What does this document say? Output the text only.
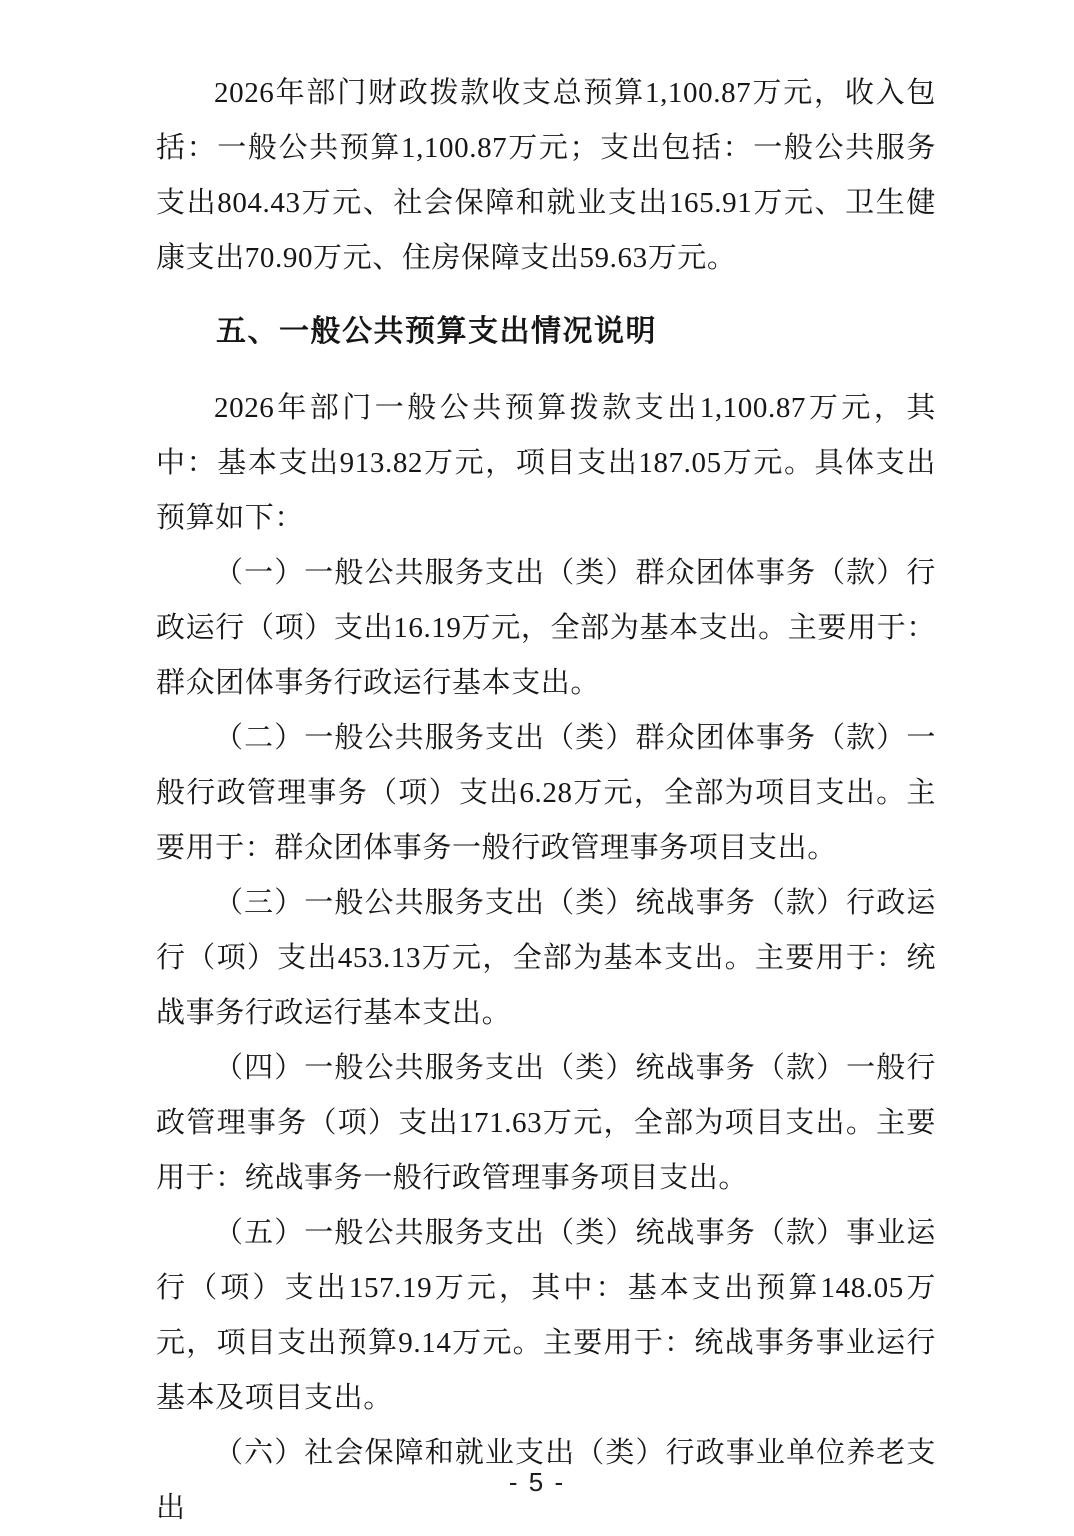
2026年部门财政拨款收支总预算1,100.87万元，收入包括：一般公共预算1,100.87万元；支出包括：一般公共服务支出804.43万元、社会保障和就业支出165.91万元、卫生健康支出70.90万元、住房保障支出59.63万元。

五、一般公共预算支出情况说明

2026年部门一般公共预算拨款支出1,100.87万元，其中：基本支出913.82万元，项目支出187.05万元。具体支出预算如下：

（一）一般公共服务支出（类）群众团体事务（款）行政运行（项）支出16.19万元，全部为基本支出。主要用于：群众团体事务行政运行基本支出。

（二）一般公共服务支出（类）群众团体事务（款）一般行政管理事务（项）支出6.28万元，全部为项目支出。主要用于：群众团体事务一般行政管理事务项目支出。

（三）一般公共服务支出（类）统战事务（款）行政运行（项）支出453.13万元，全部为基本支出。主要用于：统战事务行政运行基本支出。

（四）一般公共服务支出（类）统战事务（款）一般行政管理事务（项）支出171.63万元，全部为项目支出。主要用于：统战事务一般行政管理事务项目支出。

（五）一般公共服务支出（类）统战事务（款）事业运行（项）支出157.19万元，其中：基本支出预算148.05万元，项目支出预算9.14万元。主要用于：统战事务事业运行基本及项目支出。

（六）社会保障和就业支出（类）行政事业单位养老支出

- 5 -
